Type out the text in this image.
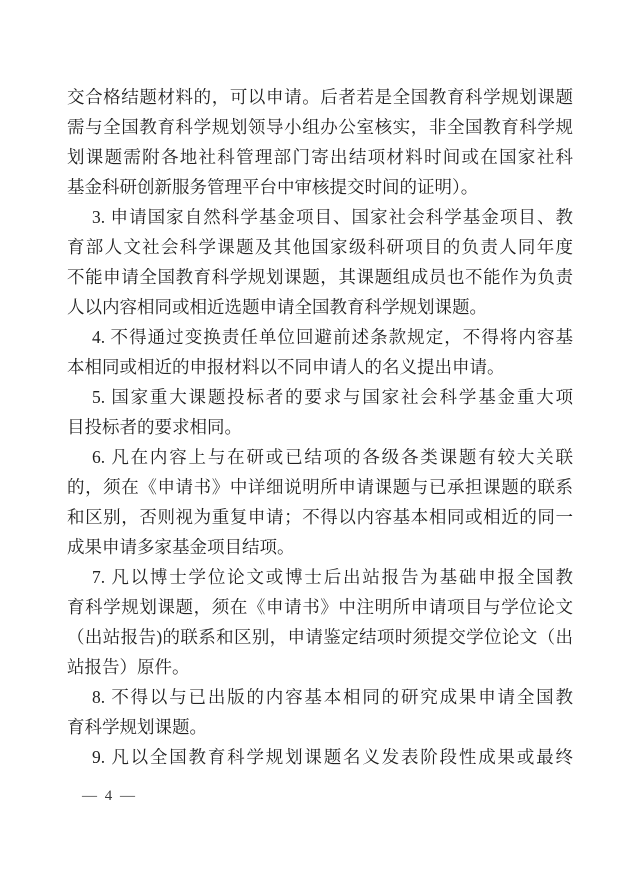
交合格结题材料的，可以申请。后者若是全国教育科学规划课题
需与全国教育科学规划领导小组办公室核实，非全国教育科学规
划课题需附各地社科管理部门寄出结项材料时间或在国家社科
基金科研创新服务管理平台中审核提交时间的证明）。
3. 申请国家自然科学基金项目、国家社会科学基金项目、教
育部人文社会科学课题及其他国家级科研项目的负责人同年度
不能申请全国教育科学规划课题，其课题组成员也不能作为负责
人以内容相同或相近选题申请全国教育科学规划课题。
4. 不得通过变换责任单位回避前述条款规定，不得将内容基
本相同或相近的申报材料以不同申请人的名义提出申请。
5. 国家重大课题投标者的要求与国家社会科学基金重大项
目投标者的要求相同。
6. 凡在内容上与在研或已结项的各级各类课题有较大关联
的，须在《申请书》中详细说明所申请课题与已承担课题的联系
和区别，否则视为重复申请；不得以内容基本相同或相近的同一
成果申请多家基金项目结项。
7. 凡以博士学位论文或博士后出站报告为基础申报全国教
育科学规划课题，须在《申请书》中注明所申请项目与学位论文
（出站报告)的联系和区别，申请鉴定结项时须提交学位论文（出
站报告）原件。
8. 不得以与已出版的内容基本相同的研究成果申请全国教
育科学规划课题。
9. 凡以全国教育科学规划课题名义发表阶段性成果或最终
— 4 —
